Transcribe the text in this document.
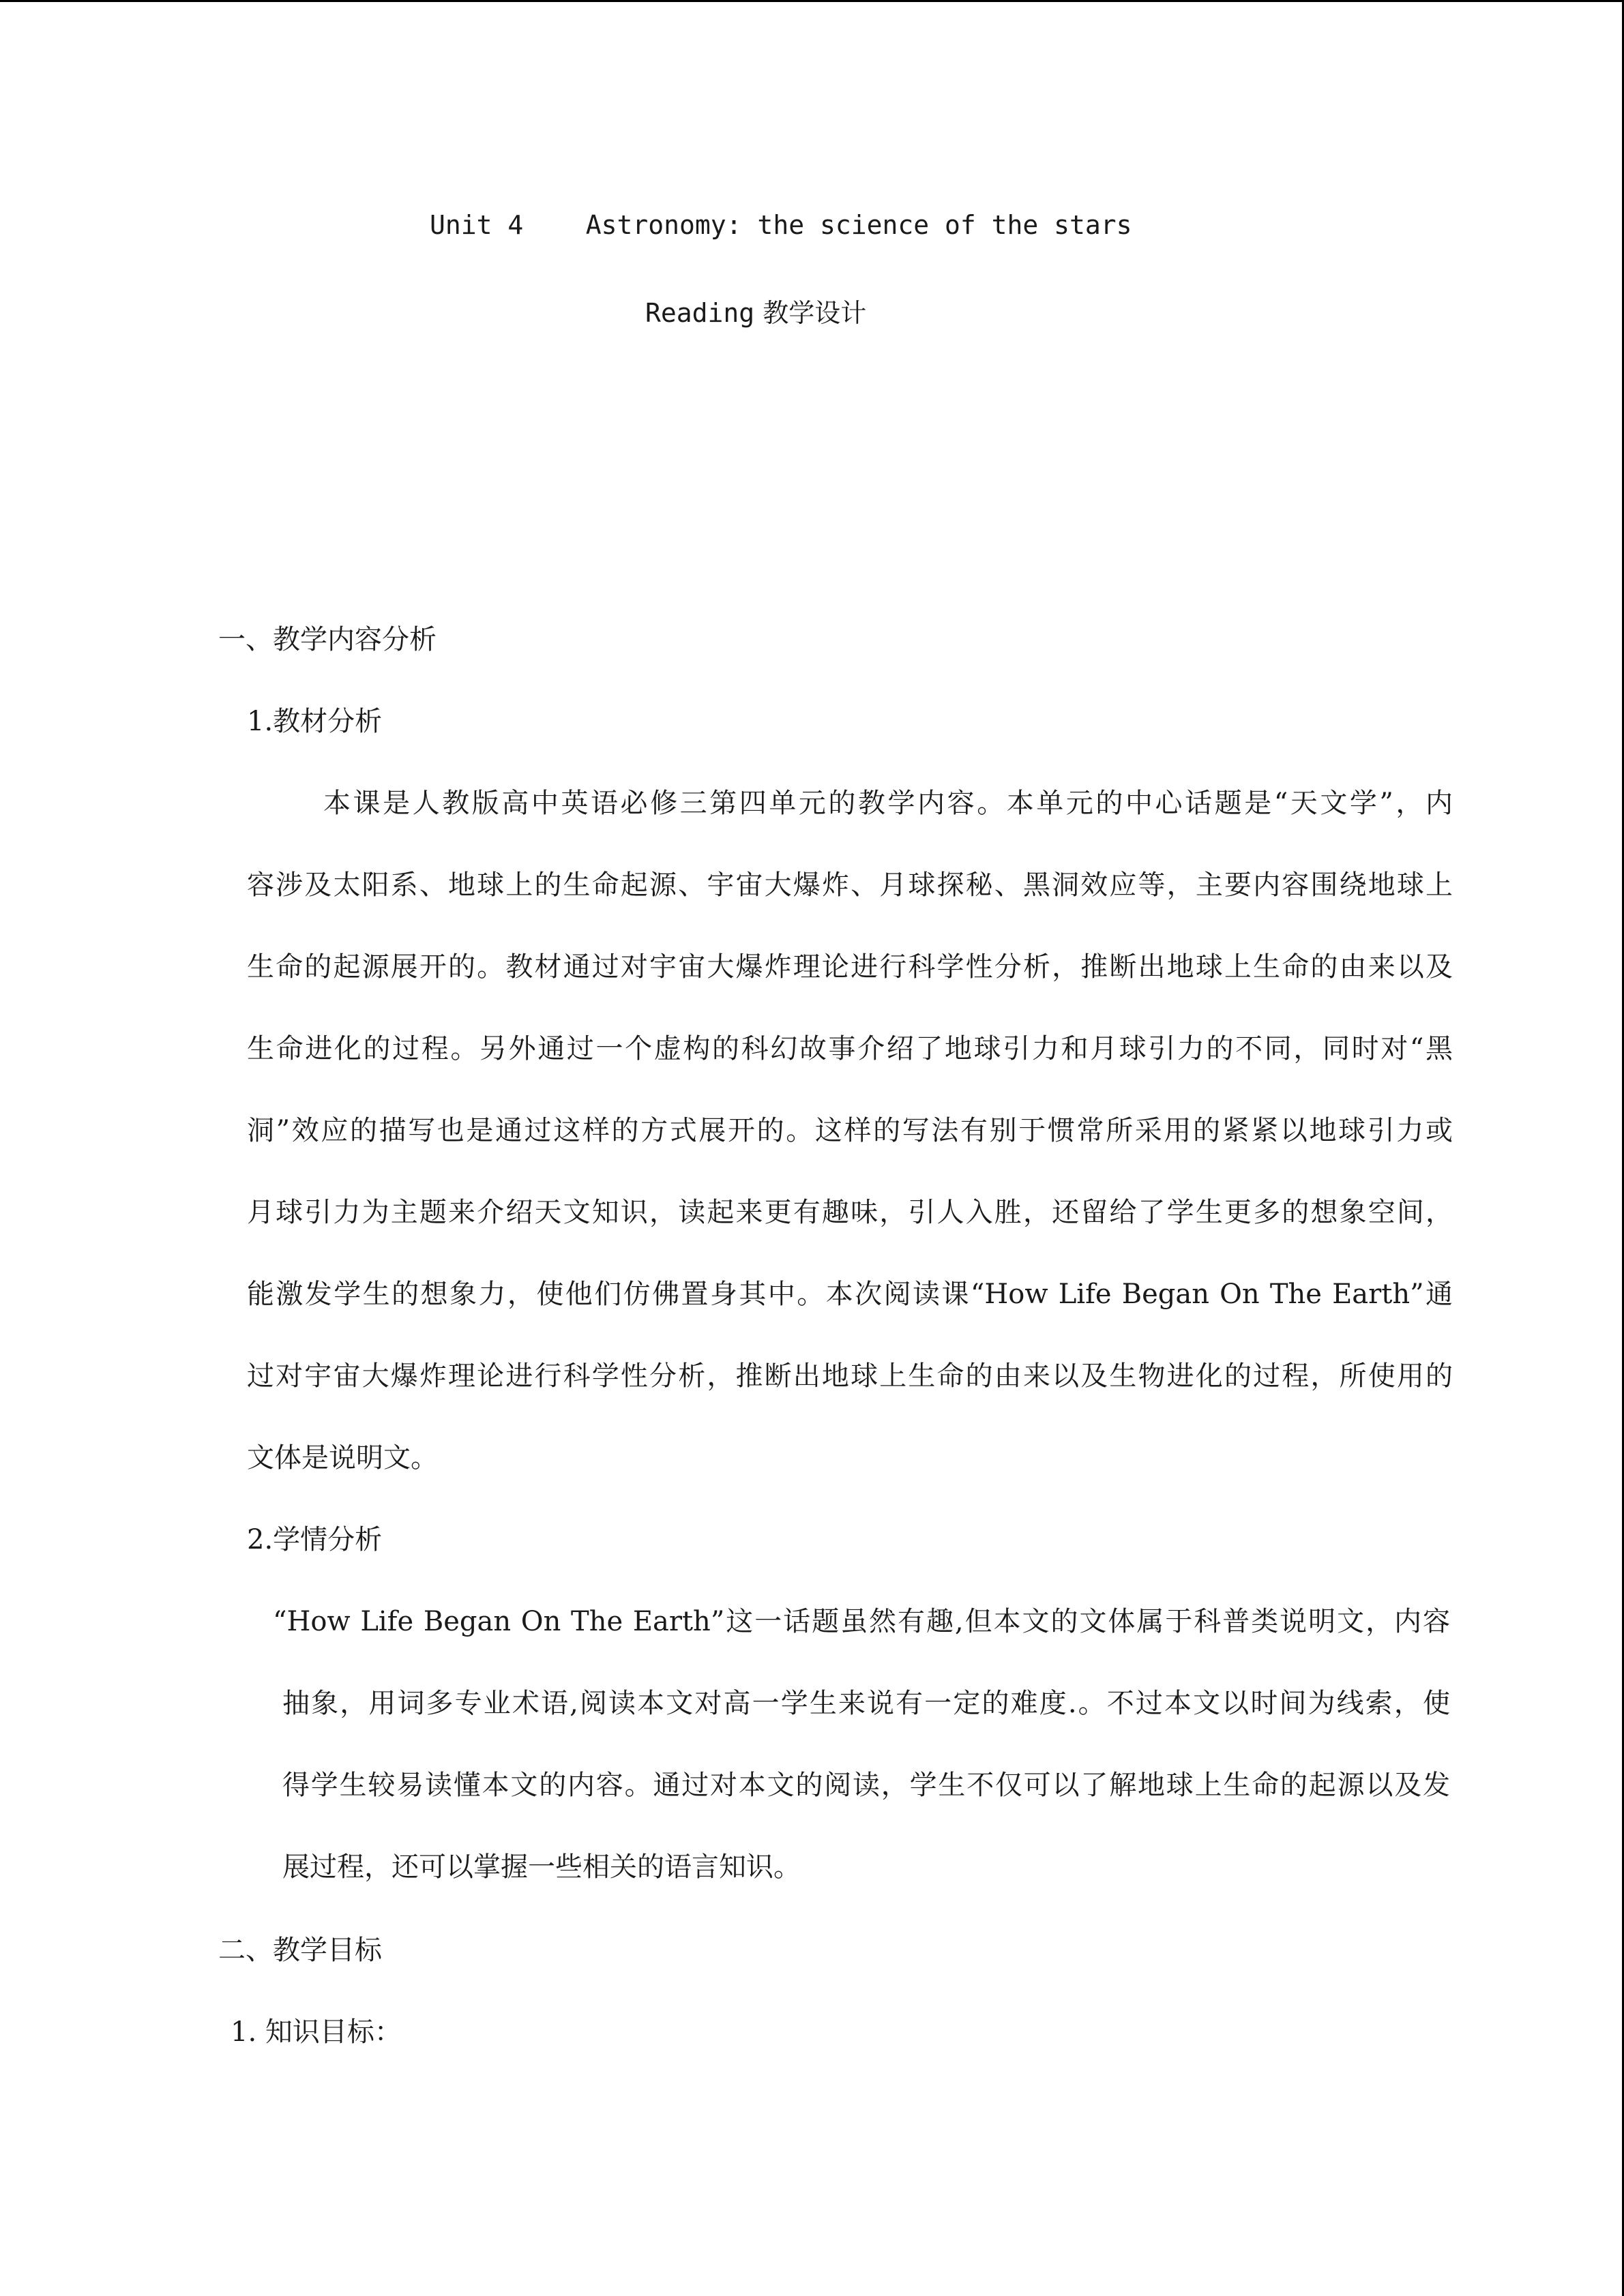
Unit 4    Astronomy: the science of the stars
Reading 教学设计
一、教学内容分析
1.教材分析
本课是人教版高中英语必修三第四单元的教学内容。本单元的中心话题是“天文学”，内
容涉及太阳系、地球上的生命起源、宇宙大爆炸、月球探秘、黑洞效应等，主要内容围绕地球上
生命的起源展开的。教材通过对宇宙大爆炸理论进行科学性分析，推断出地球上生命的由来以及
生命进化的过程。另外通过一个虚构的科幻故事介绍了地球引力和月球引力的不同，同时对“黑
洞”效应的描写也是通过这样的方式展开的。这样的写法有别于惯常所采用的紧紧以地球引力或
月球引力为主题来介绍天文知识，读起来更有趣味，引人入胜，还留给了学生更多的想象空间，
能激发学生的想象力，使他们仿佛置身其中。本次阅读课“How Life Began On The Earth”通
过对宇宙大爆炸理论进行科学性分析，推断出地球上生命的由来以及生物进化的过程，所使用的
文体是说明文。
2.学情分析
“How Life Began On The Earth”这一话题虽然有趣,但本文的文体属于科普类说明文，内容
抽象，用词多专业术语,阅读本文对高一学生来说有一定的难度.。不过本文以时间为线索，使
得学生较易读懂本文的内容。通过对本文的阅读，学生不仅可以了解地球上生命的起源以及发
展过程，还可以掌握一些相关的语言知识。
二、教学目标
1. 知识目标：
